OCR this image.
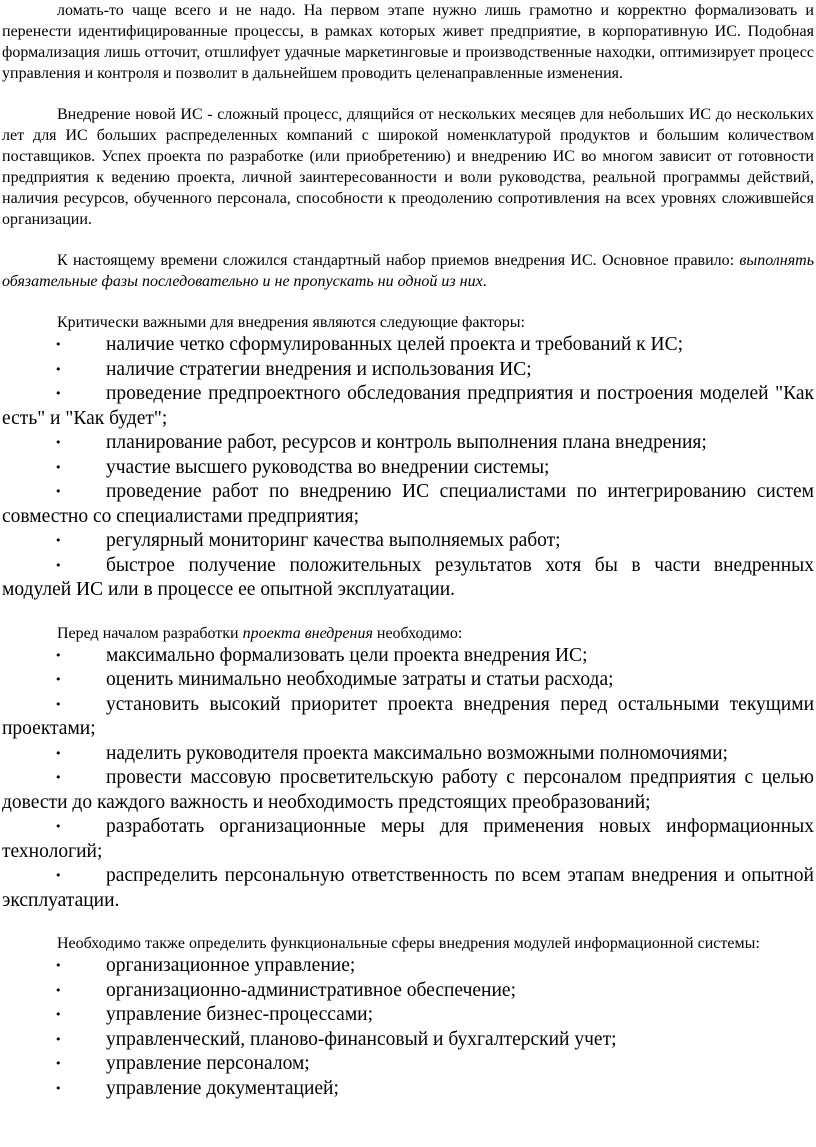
ломать-то чаще всего и не надо. На первом этапе нужно лишь грамотно и корректно формализовать и перенести идентифицированные процессы, в рамках которых живет предприятие, в корпоративную ИС. Подобная формализация лишь отточит, отшлифует удачные маркетинговые и производственные находки, оптимизирует процесс управления и контроля и позволит в дальнейшем проводить целенаправленные изменения.

Внедрение новой ИС - сложный процесс, длящийся от нескольких месяцев для небольших ИС до нескольких лет для ИС больших распределенных компаний с широкой номенклатурой продуктов и большим количеством поставщиков. Успех проекта по разработке (или приобретению) и внедрению ИС во многом зависит от готовности предприятия к ведению проекта, личной заинтересованности и воли руководства, реальной программы действий, наличия ресурсов, обученного персонала, способности к преодолению сопротивления на всех уровнях сложившейся организации.

К настоящему времени сложился стандартный набор приемов внедрения ИС. Основное правило: выполнять обязательные фазы последовательно и не пропускать ни одной из них.

Критически важными для внедрения являются следующие факторы:

• наличие четко сформулированных целей проекта и требований к ИС;
• наличие стратегии внедрения и использования ИС;
• проведение предпроектного обследования предприятия и построения моделей "Как есть" и "Как будет";
• планирование работ, ресурсов и контроль выполнения плана внедрения;
• участие высшего руководства во внедрении системы;
• проведение работ по внедрению ИС специалистами по интегрированию систем совместно со специалистами предприятия;
• регулярный мониторинг качества выполняемых работ;
• быстрое получение положительных результатов хотя бы в части внедренных модулей ИС или в процессе ее опытной эксплуатации.

Перед началом разработки проекта внедрения необходимо:

• максимально формализовать цели проекта внедрения ИС;
• оценить минимально необходимые затраты и статьи расхода;
• установить высокий приоритет проекта внедрения перед остальными текущими проектами;
• наделить руководителя проекта максимально возможными полномочиями;
• провести массовую просветительскую работу с персоналом предприятия с целью довести до каждого важность и необходимость предстоящих преобразований;
• разработать организационные меры для применения новых информационных технологий;
• распределить персональную ответственность по всем этапам внедрения и опытной эксплуатации.

Необходимо также определить функциональные сферы внедрения модулей информационной системы:

• организационное управление;
• организационно-административное обеспечение;
• управление бизнес-процессами;
• управленческий, планово-финансовый и бухгалтерский учет;
• управление персоналом;
• управление документацией;
